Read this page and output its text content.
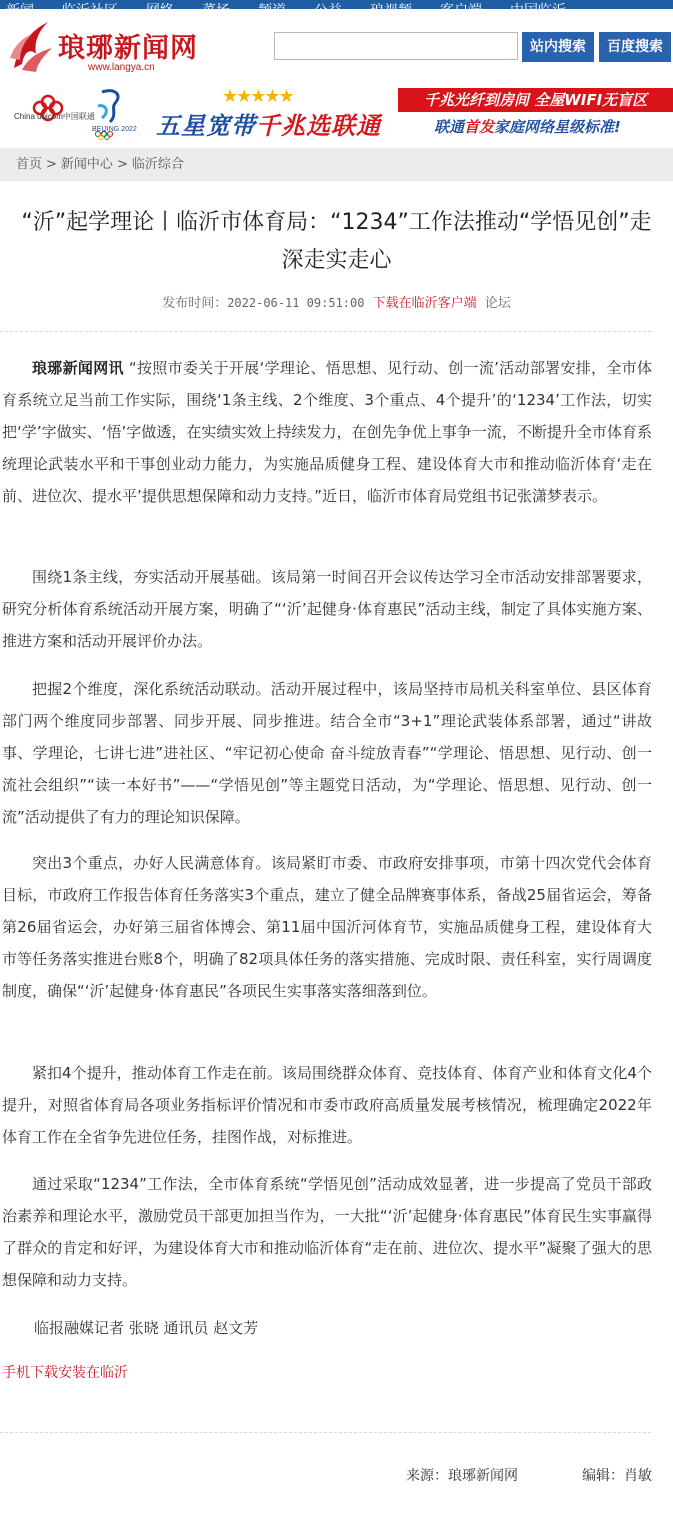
新闻 临沂社区 网络 菜场 频道 公益 琅视频 客户端 中国临沂
琅琊新闻网
www.langya.cn
站内搜索	百度搜索
China unicom中国联通
BEIJING 2022
★★★★★
五星宽带千兆选联通
千兆光纤到房间 全屋WIFI无盲区
联通首发家庭网络星级标准!
首页 > 新闻中心 > 临沂综合
“沂”起学理论丨临沂市体育局：“1234”工作法推动“学悟见创”走深走实走心
发布时间：2022-06-11 09:51:00 下载在临沂客户端 论坛

琅琊新闻网讯 “按照市委关于开展‘学理论、悟思想、见行动、创一流’活动部署安排，全市体育系统立足当前工作实际，围绕‘1条主线、2个维度、3个重点、4个提升’的‘1234’工作法，切实把‘学’字做实、‘悟’字做透，在实绩实效上持续发力，在创先争优上事争一流，不断提升全市体育系统理论武装水平和干事创业动力能力，为实施品质健身工程、建设体育大市和推动临沂体育‘走在前、进位次、提水平’提供思想保障和动力支持。”近日，临沂市体育局党组书记张潇梦表示。

围绕1条主线，夯实活动开展基础。该局第一时间召开会议传达学习全市活动安排部署要求，研究分析体育系统活动开展方案，明确了“‘沂’起健身·体育惠民”活动主线，制定了具体实施方案、推进方案和活动开展评价办法。

把握2个维度，深化系统活动联动。活动开展过程中，该局坚持市局机关科室单位、县区体育部门两个维度同步部署、同步开展、同步推进。结合全市“3+1”理论武装体系部署，通过“讲故事、学理论，七讲七进”进社区、“牢记初心使命 奋斗绽放青春”“学理论、悟思想、见行动、创一流社会组织”“读一本好书”——“学悟见创”等主题党日活动，为“学理论、悟思想、见行动、创一流”活动提供了有力的理论知识保障。

突出3个重点，办好人民满意体育。该局紧盯市委、市政府安排事项，市第十四次党代会体育目标，市政府工作报告体育任务落实3个重点，建立了健全品牌赛事体系，备战25届省运会，筹备第26届省运会，办好第三届省体博会、第11届中国沂河体育节，实施品质健身工程，建设体育大市等任务落实推进台账8个，明确了82项具体任务的落实措施、完成时限、责任科室，实行周调度制度，确保“‘沂’起健身·体育惠民”各项民生实事落实落细落到位。

紧扣4个提升，推动体育工作走在前。该局围绕群众体育、竞技体育、体育产业和体育文化4个提升，对照省体育局各项业务指标评价情况和市委市政府高质量发展考核情况，梳理确定2022年体育工作在全省争先进位任务，挂图作战，对标推进。

通过采取“1234”工作法，全市体育系统“学悟见创”活动成效显著，进一步提高了党员干部政治素养和理论水平，激励党员干部更加担当作为，一大批“‘沂’起健身·体育惠民”体育民生实事赢得了群众的肯定和好评，为建设体育大市和推动临沂体育“走在前、进位次、提水平”凝聚了强大的思想保障和动力支持。

临报融媒记者 张晓 通讯员 赵文芳
手机下载安装在临沂
来源：琅琊新闻网	编辑：肖敏
